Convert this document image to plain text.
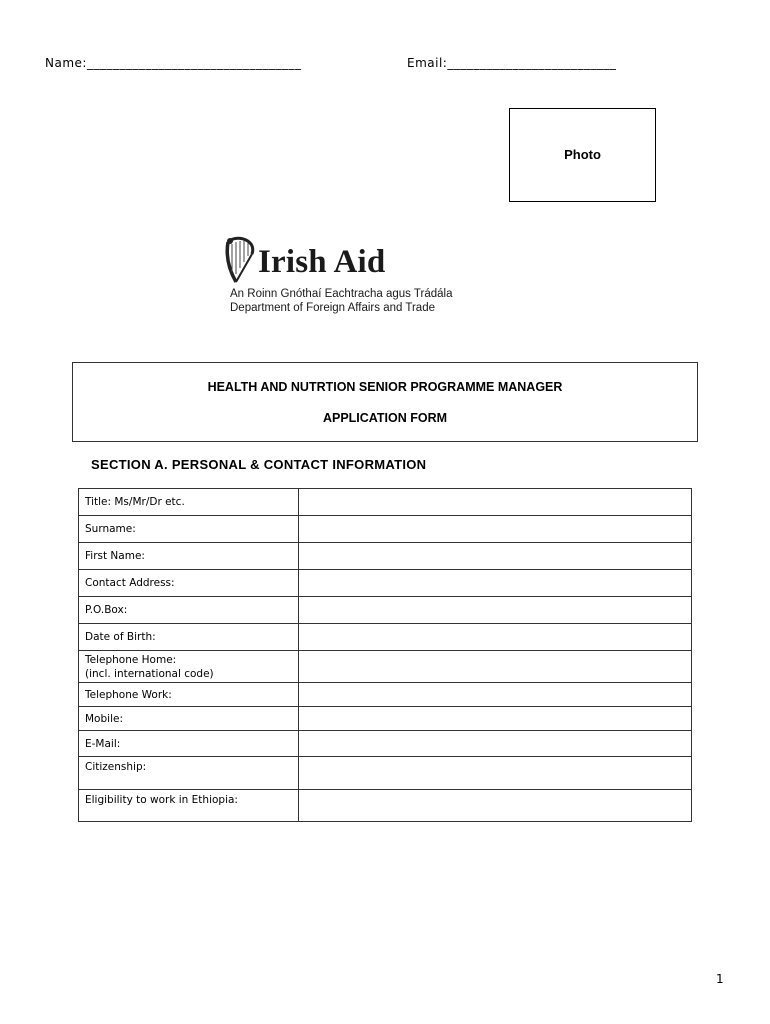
Name:_________________________________	Email:__________________________
Photo
Irish Aid
An Roinn Gnóthaí Eachtracha agus Trádála
Department of Foreign Affairs and Trade
HEALTH AND NUTRTION SENIOR PROGRAMME MANAGER
APPLICATION FORM
SECTION A. PERSONAL & CONTACT INFORMATION
Title: Ms/Mr/Dr etc.	
Surname:	
First Name:	
Contact Address:	
P.O.Box:	
Date of Birth:	

Telephone Home:
(incl. international code)	

Telephone Work:	
Mobile:	
E-Mail:	
Citizenship:	
Eligibility to work in Ethiopia:	
1
